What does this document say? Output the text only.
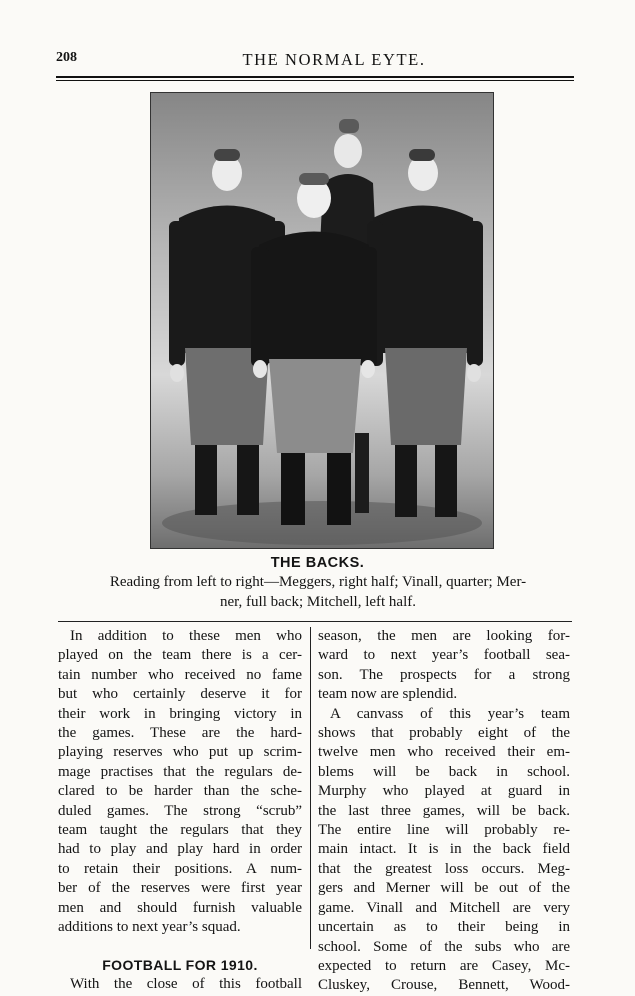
208	THE NORMAL EYTE.
THE BACKS.
Reading from left to right—Meggers, right half; Vinall, quarter; Mer-
ner, full back; Mitchell, left half.
In addition to these men who
played on the team there is a cer-
tain number who received no fame
but who certainly deserve it for
their work in bringing victory in
the games. These are the hard-
playing reserves who put up scrim-
mage practises that the regulars de-
clared to be harder than the sche-
duled games. The strong “scrub”
team taught the regulars that they
had to play and play hard in order
to retain their positions. A num-
ber of the reserves were first year
men and should furnish valuable
additions to next year’s squad.
FOOTBALL FOR 1910.
With the close of this football
season, the men are looking for-
ward to next year’s football sea-
son. The prospects for a strong
team now are splendid.
A canvass of this year’s team
shows that probably eight of the
twelve men who received their em-
blems will be back in school.
Murphy who played at guard in
the last three games, will be back.
The entire line will probably re-
main intact. It is in the back field
that the greatest loss occurs. Meg-
gers and Merner will be out of the
game. Vinall and Mitchell are very
uncertain as to their being in
school. Some of the subs who are
expected to return are Casey, Mc-
Cluskey, Crouse, Bennett, Wood-
